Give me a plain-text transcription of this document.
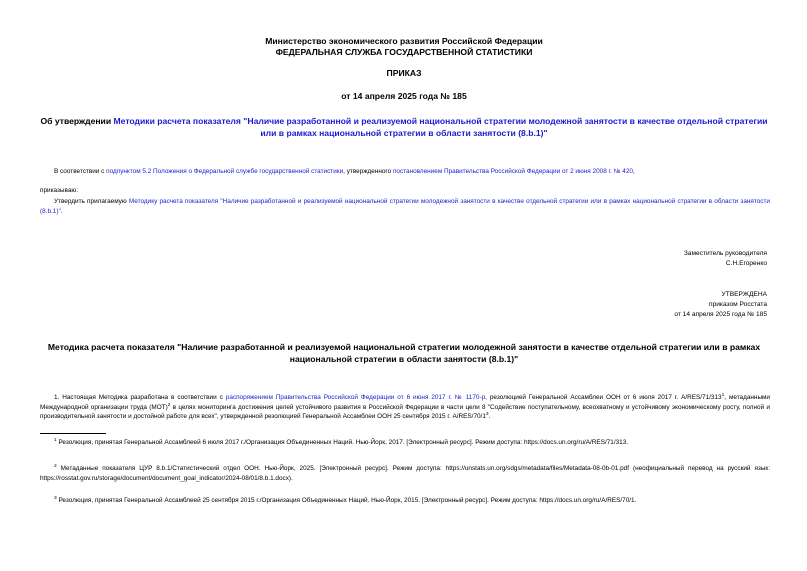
Министерство экономического развития Российской Федерации
ФЕДЕРАЛЬНАЯ СЛУЖБА ГОСУДАРСТВЕННОЙ СТАТИСТИКИ
ПРИКАЗ
от 14 апреля 2025 года № 185
Об утверждении Методики расчета показателя "Наличие разработанной и реализуемой национальной стратегии молодежной занятости в качестве отдельной стратегии или в рамках национальной стратегии в области занятости (8.b.1)"
В соответствии с подпунктом 5.2 Положения о Федеральной службе государственной статистики, утвержденного постановлением Правительства Российской Федерации от 2 июня 2008 г. № 420,
приказываю:
Утвердить прилагаемую Методику расчета показателя "Наличие разработанной и реализуемой национальной стратегии молодежной занятости в качестве отдельной стратегии или в рамках национальной стратегии в области занятости (8.b.1)".
Заместитель руководителя
С.Н.Егоренко
УТВЕРЖДЕНА
приказом Росстата
от 14 апреля 2025 года № 185
Методика расчета показателя "Наличие разработанной и реализуемой национальной стратегии молодежной занятости в качестве отдельной стратегии или в рамках национальной стратегии в области занятости (8.b.1)"
1. Настоящая Методика разработана в соответствии с распоряжением Правительства Российской Федерации от 6 июня 2017 г. № 1170-р, резолюцией Генеральной Ассамблеи ООН от 6 июля 2017 г. $A/RES/71/313^1$, метаданными Международной организации труда (МОТ)$^2$ в целях мониторинга достижения целей устойчивого развития в Российской Федерации в части цели 8 "Содействие поступательному, всеохватному и устойчивому экономическому росту, полной и производительной занятости и достойной работе для всех", утвержденной резолюцией Генеральной Ассамблеи ООН 25 сентября 2015 г. $A/RES/70/1^3$.
$^1$ Резолюция, принятая Генеральной Ассамблеей 6 июля 2017 г./Организация Объединенных Наций. Нью-Йорк, 2017. [Электронный ресурс]. Режим доступа: https://docs.un.org/ru/A/RES/71/313.
$^2$ Метаданные показателя ЦУР 8.b.1/Статистический отдел ООН. Нью-Йорк, 2025. [Электронный ресурс]. Режим доступа: https://unstats.un.org/sdgs/metadata/files/Metadata-08-0b-01.pdf (неофициальный перевод на русский язык: https://rosstat.gov.ru/storage/document/document_goal_indicator/2024-08/01/8.b.1.docx).
$^3$ Резолюция, принятая Генеральной Ассамблеей 25 сентября 2015 г./Организация Объединенных Наций. Нью-Йорк, 2015. [Электронный ресурс]. Режим доступа: https://docs.un.org/ru/A/RES/70/1.
